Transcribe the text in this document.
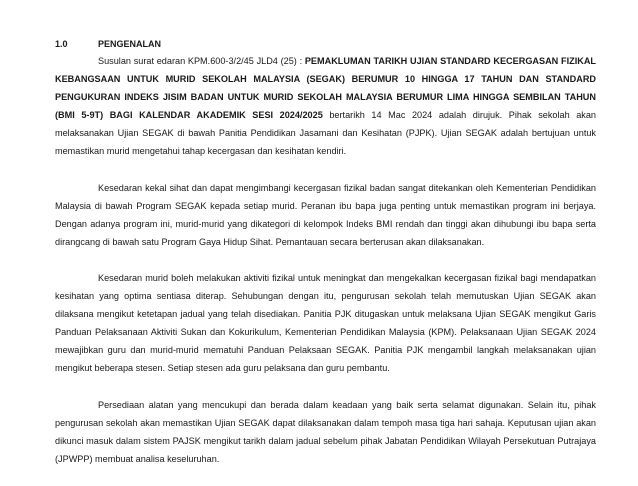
1.0	PENGENALAN

Susulan surat edaran KPM.600-3/2/45 JLD4 (25) : PEMAKLUMAN TARIKH UJIAN STANDARD KECERGASAN FIZIKAL KEBANGSAAN UNTUK MURID SEKOLAH MALAYSIA (SEGAK) BERUMUR 10 HINGGA 17 TAHUN DAN STANDARD PENGUKURAN INDEKS JISIM BADAN UNTUK MURID SEKOLAH MALAYSIA BERUMUR LIMA HINGGA SEMBILAN TAHUN (BMI 5-9T) BAGI KALENDAR AKADEMIK SESI 2024/2025 bertarikh 14 Mac 2024 adalah dirujuk. Pihak sekolah akan melaksanakan Ujian SEGAK di bawah Panitia Pendidikan Jasamani dan Kesihatan (PJPK). Ujian SEGAK adalah bertujuan untuk memastikan murid mengetahui tahap kecergasan dan kesihatan kendiri.

Kesedaran kekal sihat dan dapat mengimbangi kecergasan fizikal badan sangat ditekankan oleh Kementerian Pendidikan Malaysia di bawah Program SEGAK kepada setiap murid. Peranan ibu bapa juga penting untuk memastikan program ini berjaya. Dengan adanya program ini, murid-murid yang dikategori di kelompok Indeks BMI rendah dan tinggi akan dihubungi ibu bapa serta dirangcang di bawah satu Program Gaya Hidup Sihat. Pemantauan secara berterusan akan dilaksanakan.

Kesedaran murid boleh melakukan aktiviti fizikal untuk meningkat dan mengekalkan kecergasan fizikal bagi mendapatkan kesihatan yang optima sentiasa diterap. Sehubungan dengan itu, pengurusan sekolah telah memutuskan Ujian SEGAK akan dilaksana mengikut ketetapan jadual yang telah disediakan. Panitia PJK ditugaskan untuk melaksana Ujian SEGAK mengikut Garis Panduan Pelaksanaan Aktiviti Sukan dan Kokurikulum, Kementerian Pendidikan Malaysia (KPM). Pelaksanaan Ujian SEGAK 2024 mewajibkan guru dan murid-murid mematuhi Panduan Pelaksaan SEGAK. Panitia PJK mengambil langkah melaksanakan ujian mengikut beberapa stesen. Setiap stesen ada guru pelaksana dan guru pembantu.

Persediaan alatan yang mencukupi dan berada dalam keadaan yang baik serta selamat digunakan. Selain itu, pihak pengurusan sekolah akan memastikan Ujian SEGAK dapat dilaksanakan dalam tempoh masa tiga hari sahaja. Keputusan ujian akan dikunci masuk dalam sistem PAJSK mengikut tarikh dalam jadual sebelum pihak Jabatan Pendidikan Wilayah Persekutuan Putrajaya (JPWPP) membuat analisa keseluruhan.
